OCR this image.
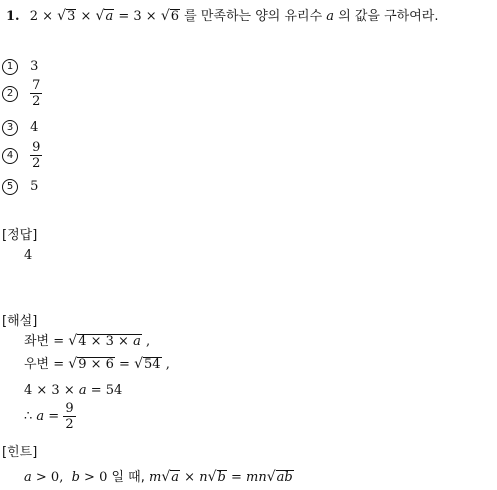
1. 2 × √3 × √a = 3 × √6 를 만족하는 양의 유리수 a 의 값을 구하여라.
1 3
$2 \frac{7}{2}$
3 4
$4 \frac{9}{2}$
5 5
[정답]
4
[해설]
좌변 = √4 × 3 × a ,
우변 = √9 × 6 = √54 ,
4 × 3 × a = 54
∴ $a = \frac{9}{2}$
[힌트]
a > 0,  b > 0 일 때, m√a × n√b = mn√ab
